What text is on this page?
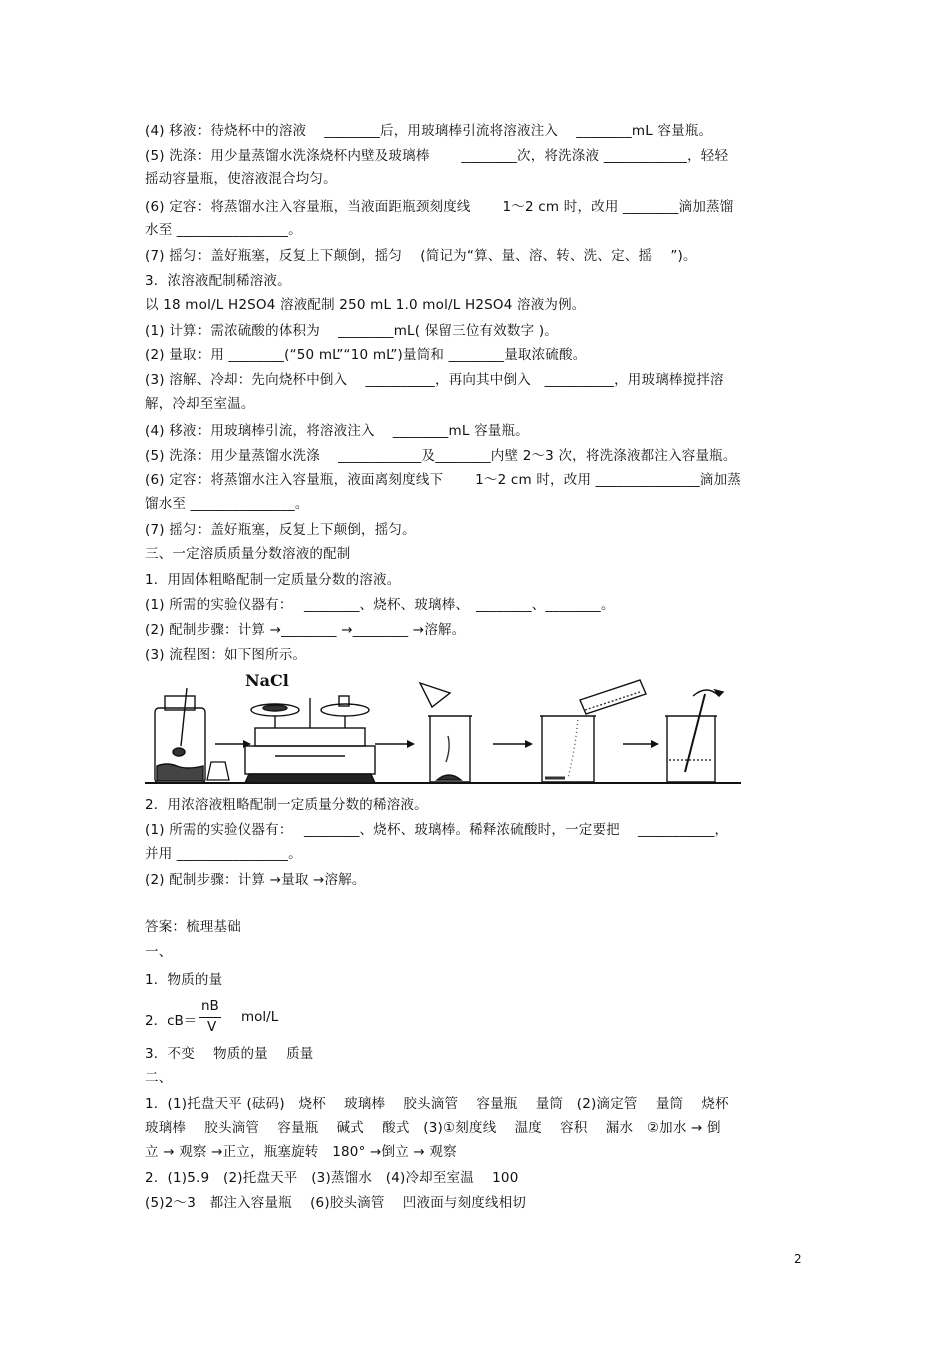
(4) 移液：待烧杯中的溶液　 ________后，用玻璃棒引流将溶液注入　 ________mL 容量瓶。
(5) 洗涤：用少量蒸馏水洗涤烧杯内壁及玻璃棒　　 ________次，将洗涤液 ____________，轻轻
摇动容量瓶，使溶液混合均匀。
(6) 定容：将蒸馏水注入容量瓶，当液面距瓶颈刻度线　　 1～2 cm 时，改用 ________滴加蒸馏
水至 ________________。
(7) 摇匀：盖好瓶塞，反复上下颠倒，摇匀　 (简记为“算、量、溶、转、洗、定、摇　 ”)。
3．浓溶液配制稀溶液。
以 18 mol/L H2SO4 溶液配制 250 mL 1.0 mol/L H2SO4 溶液为例。
(1) 计算：需浓硫酸的体积为　 ________mL( 保留三位有效数字 )。
(2) 量取：用 ________(“50 mL”“10 mL”)量筒和 ________量取浓硫酸。
(3) 溶解、冷却：先向烧杯中倒入　 __________，再向其中倒入　__________，用玻璃棒搅拌溶
解，冷却至室温。
(4) 移液：用玻璃棒引流，将溶液注入　 ________mL 容量瓶。
(5) 洗涤：用少量蒸馏水洗涤　 ____________及________内壁 2～3 次，将洗涤液都注入容量瓶。
(6) 定容：将蒸馏水注入容量瓶，液面离刻度线下　　 1～2 cm 时，改用 _______________滴加蒸
馏水至 _______________。
(7) 摇匀：盖好瓶塞，反复上下颠倒，摇匀。
三、一定溶质质量分数溶液的配制
1．用固体粗略配制一定质量分数的溶液。
(1) 所需的实验仪器有：　 ________、烧杯、玻璃棒、　________、________。
(2) 配制步骤：计算 →________ →________ →溶解。
(3) 流程图：如下图所示。
2．用浓溶液粗略配制一定质量分数的稀溶液。
(1) 所需的实验仪器有：　 ________、烧杯、玻璃棒。稀释浓硫酸时，一定要把　 ___________，
并用 ________________。
(2) 配制步骤：计算 →量取 →溶解。
答案：梳理基础
一、
1．物质的量
3．不变　 物质的量　 质量
二、
1．(1)托盘天平 (砝码)　烧杯　 玻璃棒　 胶头滴管　 容量瓶　 量筒　(2)滴定管　 量筒　 烧杯
玻璃棒　 胶头滴管　 容量瓶　 碱式　 酸式　(3)①刻度线　 温度　 容积　 漏水　②加水 → 倒
立 → 观察 →正立，瓶塞旋转　180° →倒立 → 观察
2．(1)5.9　(2)托盘天平　(3)蒸馏水　(4)冷却至室温　 100
(5)2～3　都注入容量瓶　 (6)胶头滴管　 凹液面与刻度线相切
NaCl
2．cB＝
nB
V
mol/L
2
